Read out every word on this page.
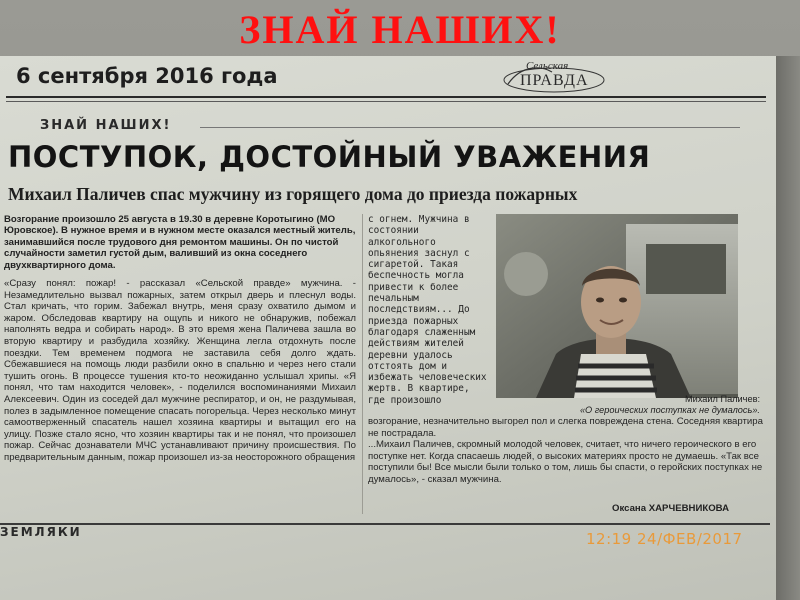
ЗНАЙ НАШИХ!
6 сентября 2016 года	Сельская
ПРАВДА
ЗНАЙ НАШИХ!
ПОСТУПОК, ДОСТОЙНЫЙ УВАЖЕНИЯ
Михаил Паличев спас мужчину из горящего дома до приезда пожарных
Возгорание произошло 25 августа в 19.30 в деревне Коротыгино (МО Юровское). В нужное время и в нужном месте оказался местный житель, занимавшийся после трудового дня ремонтом машины. Он по чистой случайности заметил густой дым, валивший из окна соседнего двухквартирного дома.
«Сразу понял: пожар! - рассказал «Сельской правде» мужчина. - Незамедлительно вызвал пожарных, затем открыл дверь и плеснул воды. Стал кричать, что горим. Забежал внутрь, меня сразу охватило дымом и жаром. Обследовав квартиру на ощупь и никого не обнаружив, побежал наполнять ведра и собирать народ». В это время жена Паличева зашла во вторую квартиру и разбудила хозяйку. Женщина легла отдохнуть после поездки. Тем временем подмога не заставила себя долго ждать. Сбежавшиеся на помощь люди разбили окно в спальню и через него стали тушить огонь. В процессе тушения кто-то неожиданно услышал хрипы. «Я понял, что там находится человек», - поделился воспоминаниями Михаил Алексеевич. Один из соседей дал мужчине респиратор, и он, не раздумывая, полез в задымленное помещение спасать погорельца. Через несколько минут самоотверженный спасатель нашел хозяина квартиры и вытащил его на улицу. Позже стало ясно, что хозяин квартиры так и не понял, что произошел пожар. Сейчас дознаватели МЧС устанавливают причину происшествия. По предварительным данным, пожар произошел из-за неосторожного обращения
с огнем. Мужчина в состоянии алкогольного опьянения заснул с сигаретой. Такая беспечность могла привести к более печальным последствиям... До приезда пожарных благодаря слаженным действиям жителей деревни удалось отстоять дом и избежать человеческих жертв. В квартире, где произошло	Михаил Паличев:
«О героических поступках не думалось».
возгорание, незначительно выгорел пол и слегка повреждена стена. Соседняя квартира не пострадала.
...Михаил Паличев, скромный молодой человек, считает, что ничего героического в его поступке нет. Когда спасаешь людей, о высоких материях просто не думаешь. «Так все поступили бы! Все мысли были только о том, лишь бы спасти, о геройских поступках не думалось», - сказал мужчина.
Оксана ХАРЧЕВНИКОВА
ЗЕМЛЯКИ	12:19 24/ФЕВ/2017
